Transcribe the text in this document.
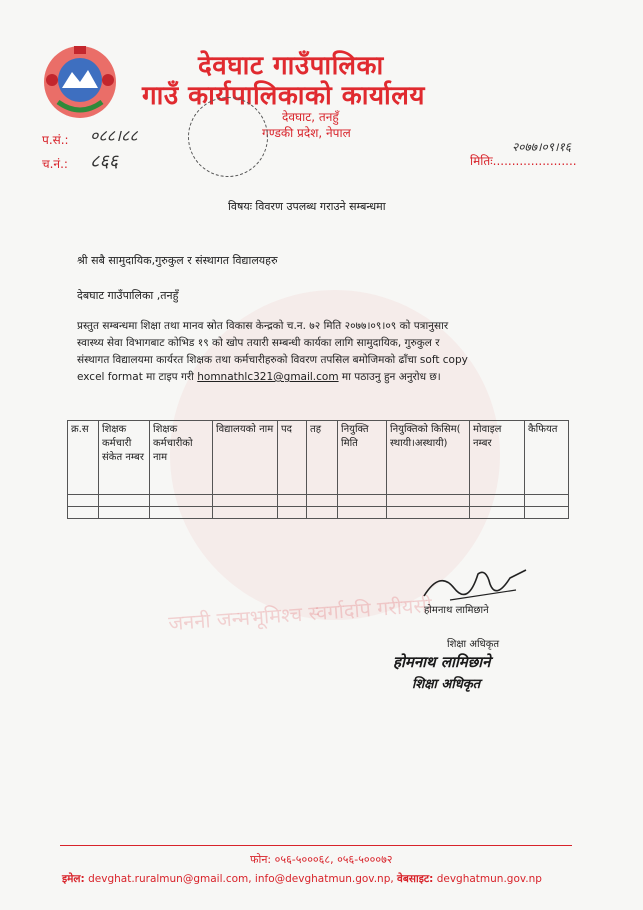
जननी जन्मभूमिश्च स्वर्गादपि गरीयसी
देवघाट गाउँपालिका
गाउँ कार्यपालिकाको कार्यालय
देवघाट, तनहुँ
गण्डकी प्रदेश, नेपाल
प.सं.: ०८८।८८
च.नं.: ८६६
२०७७।०९।१६
मितिः......................
विषयः विवरण उपलब्ध गराउने सम्बन्धमा
श्री सबै सामुदायिक,गुरुकुल र संस्थागत विद्यालयहरु
देबघाट गाउँपालिका ,तनहुँ
प्रस्तुत सम्बन्धमा शिक्षा तथा मानव स्रोत विकास केन्द्रको च.न. ७२ मिति २०७७।०९।०९ को पत्रानुसार
स्वास्थ्य सेवा विभागबाट कोभिड १९ को खोप तयारी सम्बन्धी कार्यका लागि सामुदायिक, गुरुकुल र
संस्थागत विद्यालयमा कार्यरत शिक्षक तथा कर्मचारीहरुको विवरण तपसिल बमोजिमको ढाँचा soft copy
excel format मा टाइप गरी homnathlc321@gmail.com मा पठाउनु हुन अनुरोध छ।
क्र.स	शिक्षक कर्मचारी संकेत नम्बर	शिक्षक कर्मचारीको नाम	विद्यालयको नाम	पद	तह	नियुक्ति मिति	नियुक्तिको किसिम( स्थायी।अस्थायी)	मोवाइल नम्बर	कैफियत

होमनाथ लामिछाने
शिक्षा अधिकृत
होमनाथ लामिछाने
शिक्षा अधिकृत
फोन: ०५६-५०००६८, ०५६-५०००७२
इमेल: devghat.ruralmun@gmail.com, info@devghatmun.gov.np, वेबसाइट: devghatmun.gov.np
